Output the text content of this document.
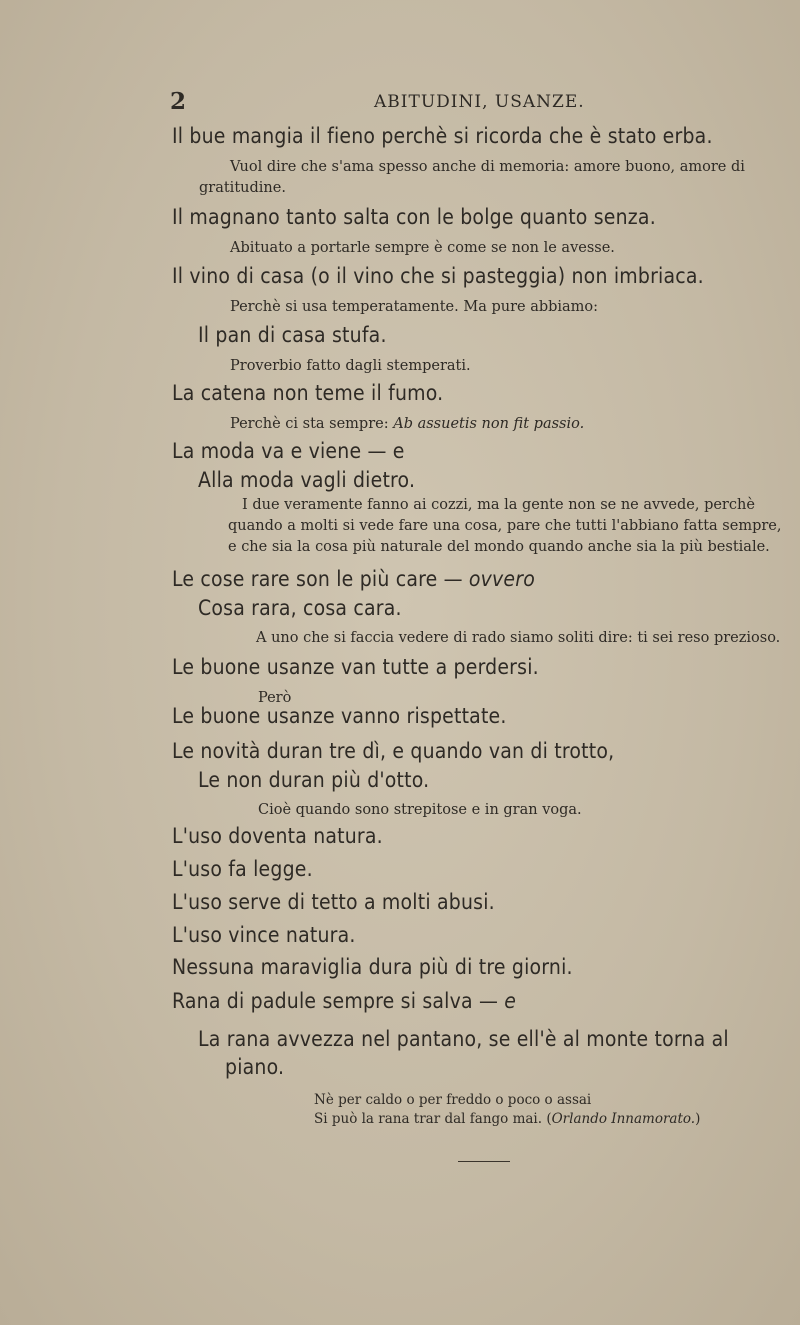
2	ABITUDINI, USANZE.
Il bue mangia il fieno perchè si ricorda che è stato erba.
Vuol dire che s'ama spesso anche di memoria: amore buono, amore di
gratitudine.
Il magnano tanto salta con le bolge quanto senza.
Abituato a portarle sempre è come se non le avesse.
Il vino di casa (o il vino che si pasteggia) non imbriaca.
Perchè si usa temperatamente. Ma pure abbiamo:
Il pan di casa stufa.
Proverbio fatto dagli stemperati.
La catena non teme il fumo.
Perchè ci sta sempre: Ab assuetis non fit passio.
La moda va e viene — e
Alla moda vagli dietro.
I due veramente fanno ai cozzi, ma la gente non se ne avvede, perchè
quando a molti si vede fare una cosa, pare che tutti l'abbiano fatta sempre,
e che sia la cosa più naturale del mondo quando anche sia la più bestiale.
Le cose rare son le più care — ovvero
Cosa rara, cosa cara.
A uno che si faccia vedere di rado siamo soliti dire: ti sei reso prezioso.
Le buone usanze van tutte a perdersi.
Però
Le buone usanze vanno rispettate.
Le novità duran tre dì, e quando van di trotto,
Le non duran più d'otto.
Cioè quando sono strepitose e in gran voga.
L'uso doventa natura.
L'uso fa legge.
L'uso serve di tetto a molti abusi.
L'uso vince natura.
Nessuna maraviglia dura più di tre giorni.
Rana di padule sempre si salva — e
La rana avvezza nel pantano, se ell'è al monte torna al
piano.
Nè per caldo o per freddo o poco o assai
Si può la rana trar dal fango mai. (Orlando Innamorato.)
